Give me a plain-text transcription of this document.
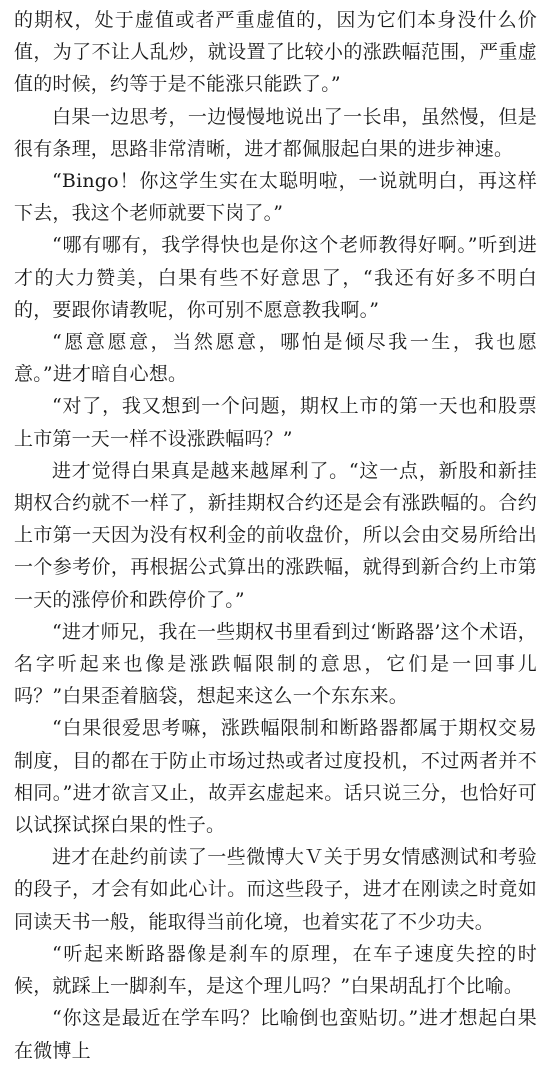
的期权，处于虚值或者严重虚值的，因为它们本身没什么价值，为了不让人乱炒，就设置了比较小的涨跌幅范围，严重虚值的时候，约等于是不能涨只能跌了。”

白果一边思考，一边慢慢地说出了一长串，虽然慢，但是很有条理，思路非常清晰，进才都佩服起白果的进步神速。

“Bingo！你这学生实在太聪明啦，一说就明白，再这样下去，我这个老师就要下岗了。”

“哪有哪有，我学得快也是你这个老师教得好啊。”听到进才的大力赞美，白果有些不好意思了，“我还有好多不明白的，要跟你请教呢，你可别不愿意教我啊。”

“愿意愿意，当然愿意，哪怕是倾尽我一生，我也愿意。”进才暗自心想。

“对了，我又想到一个问题，期权上市的第一天也和股票上市第一天一样不设涨跌幅吗？”

进才觉得白果真是越来越犀利了。“这一点，新股和新挂期权合约就不一样了，新挂期权合约还是会有涨跌幅的。合约上市第一天因为没有权利金的前收盘价，所以会由交易所给出一个参考价，再根据公式算出的涨跌幅，就得到新合约上市第一天的涨停价和跌停价了。”

“进才师兄，我在一些期权书里看到过‘断路器’这个术语，名字听起来也像是涨跌幅限制的意思，它们是一回事儿吗？”白果歪着脑袋，想起来这么一个东东来。

“白果很爱思考嘛，涨跌幅限制和断路器都属于期权交易制度，目的都在于防止市场过热或者过度投机，不过两者并不相同。”进才欲言又止，故弄玄虚起来。话只说三分，也恰好可以试探试探白果的性子。

进才在赴约前读了一些微博大Ｖ关于男女情感测试和考验的段子，才会有如此心计。而这些段子，进才在刚读之时竟如同读天书一般，能取得当前化境，也着实花了不少功夫。

“听起来断路器像是刹车的原理，在车子速度失控的时候，就踩上一脚刹车，是这个理儿吗？”白果胡乱打个比喻。

“你这是最近在学车吗？比喻倒也蛮贴切。”进才想起白果在微博上
